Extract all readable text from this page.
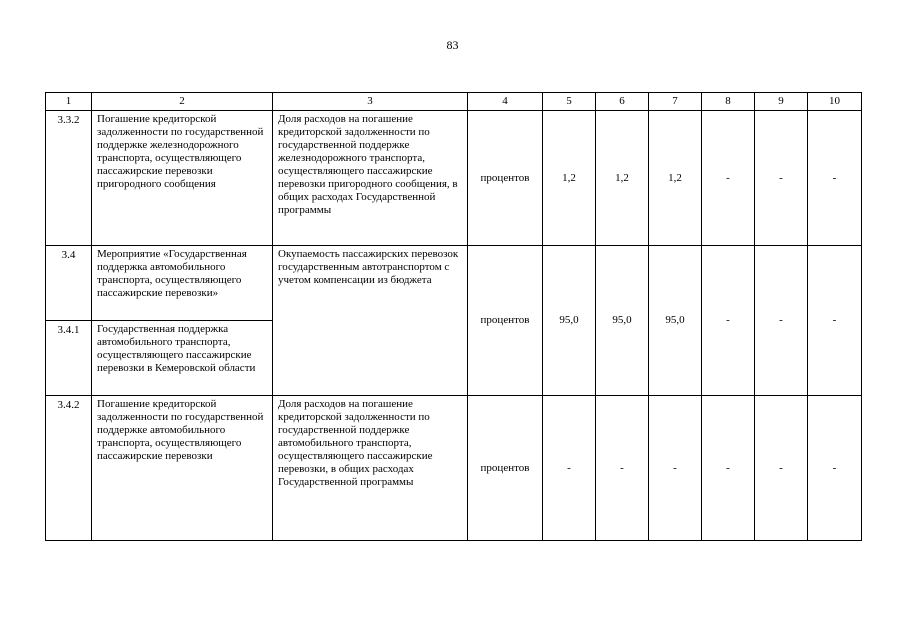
83
1	2	3	4	5	6	7	8	9	10
3.3.2	Погашение кредиторской задолженности по государственной поддержке железнодорожного транспорта, осуществляющего пассажирские перевозки пригородного сообщения	Доля расходов на погашение кредиторской задолженности по государственной поддержке железнодорожного транспорта, осуществляющего пассажирские перевозки пригородного сообщения, в общих расходах Государственной программы	процентов	1,2	1,2	1,2	-	-	-
3.4	Мероприятие «Государственная поддержка автомобильного транспорта, осуществляющего пассажирские перевозки»	Окупаемость пассажирских перевозок государственным автотранспортом с учетом компенсации из бюджета	процентов	95,0	95,0	95,0	-	-	-
3.4.1	Государственная поддержка автомобильного транспорта, осуществляющего пассажирские перевозки в Кемеровской области								
3.4.2	Погашение кредиторской задолженности по государственной поддержке автомобильного транспорта, осуществляющего пассажирские перевозки	Доля расходов на погашение кредиторской задолженности по государственной поддержке автомобильного транспорта, осуществляющего пассажирские перевозки, в общих расходах Государственной программы	процентов	-	-	-	-	-	-
